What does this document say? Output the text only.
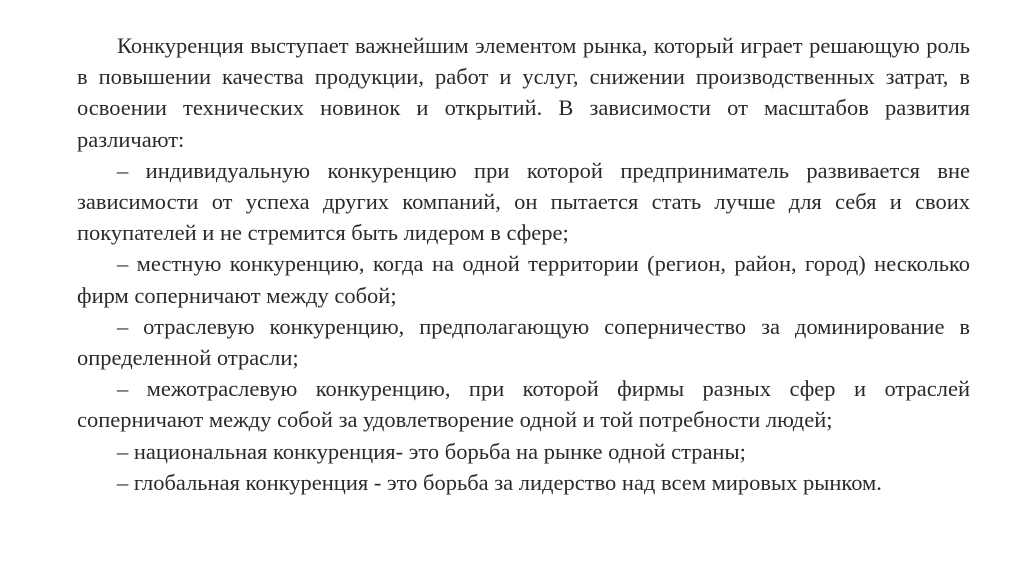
Конкуренция выступает важнейшим элементом рынка, который играет решающую роль в повышении качества продукции, работ и услуг, снижении производственных затрат, в освоении технических новинок и открытий. В зависимости от масштабов развития различают:

– индивидуальную конкуренцию при которой предприниматель развивается вне зависимости от успеха других компаний, он пытается стать лучше для себя и своих покупателей и не стремится быть лидером в сфере;

– местную конкуренцию, когда на одной территории (регион, район, город) несколько фирм соперничают между собой;

– отраслевую конкуренцию, предполагающую соперничество за доминирование в определенной отрасли;

– межотраслевую конкуренцию, при которой фирмы разных сфер и отраслей соперничают между собой за удовлетворение одной и той потребности людей;

– национальная конкуренция- это борьба на рынке одной страны;

– глобальная конкуренция - это борьба за лидерство над всем мировых рынком.
